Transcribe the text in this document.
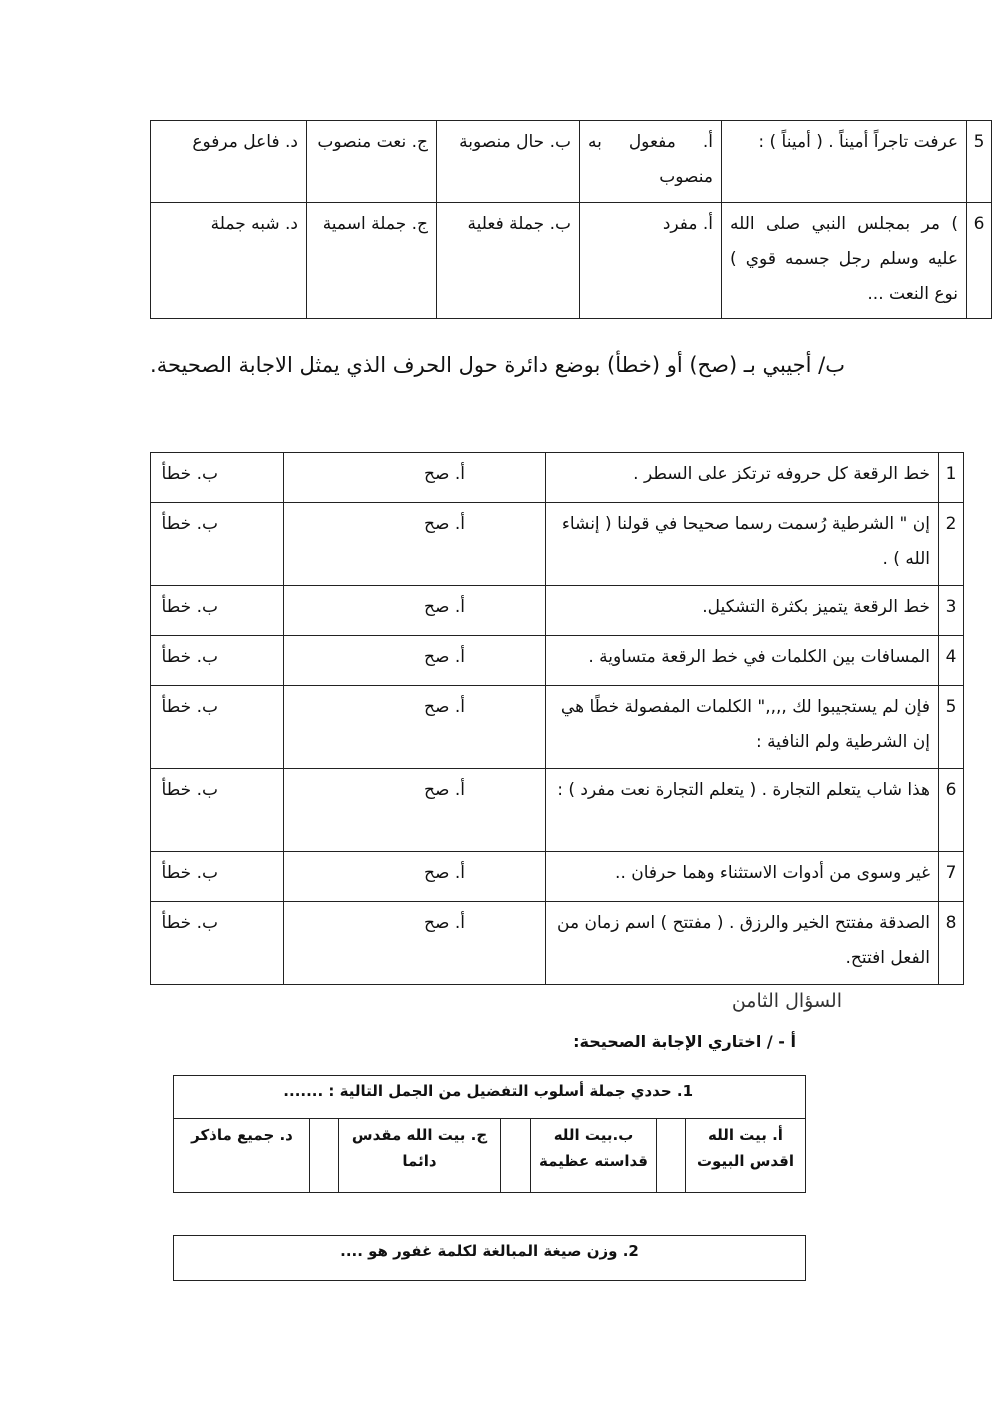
5	عرفت تاجراً أميناً . ( أميناً ) :	أ. مفعول به منصوب	ب. حال منصوبة	ج. نعت منصوب	د. فاعل مرفوع
6	) مر بمجلس النبي صلى الله عليه وسلم رجل جسمه قوي ) نوع النعت ...	أ. مفرد	ب. جملة فعلية	ج. جملة اسمية	د. شبه جملة
ب/ أجيبي بـ (صح) أو (خطأ) بوضع دائرة حول الحرف الذي يمثل الاجابة الصحيحة.
1	خط الرقعة كل حروفه ترتكز على السطر .	أ. صح	ب. خطأ
2	إن " الشرطية رُسمت رسما صحيحا في قولنا ( إنشاء الله ) .	أ. صح	ب. خطأ
3	خط الرقعة يتميز بكثرة التشكيل.	أ. صح	ب. خطأ
4	المسافات بين الكلمات في خط الرقعة متساوية .	أ. صح	ب. خطأ
5	فإن لم يستجيبوا لك ,,,," الكلمات المفصولة خطًا هي إن الشرطية ولم النافية :	أ. صح	ب. خطأ
6	هذا شاب يتعلم التجارة . ( يتعلم التجارة نعت مفرد ) :	أ. صح	ب. خطأ
7	غير وسوى من أدوات الاستثناء وهما حرفان ..	أ. صح	ب. خطأ
8	الصدقة مفتتح الخير والرزق . ( مفتتح ) اسم زمان من الفعل افتتح.	أ. صح	ب. خطأ
السؤال الثامن
أ - / اختاري الإجابة الصحيحة:
1. حددي جملة أسلوب التفضيل من الجمل التالية : .......
أ. بيت الله اقدس البيوت
ب.بيت الله قداسته عظيمة
ج. بيت الله مقدس دائما
د. جميع ماذكر
2. وزن صيغة المبالغة لكلمة غفور هو ....
